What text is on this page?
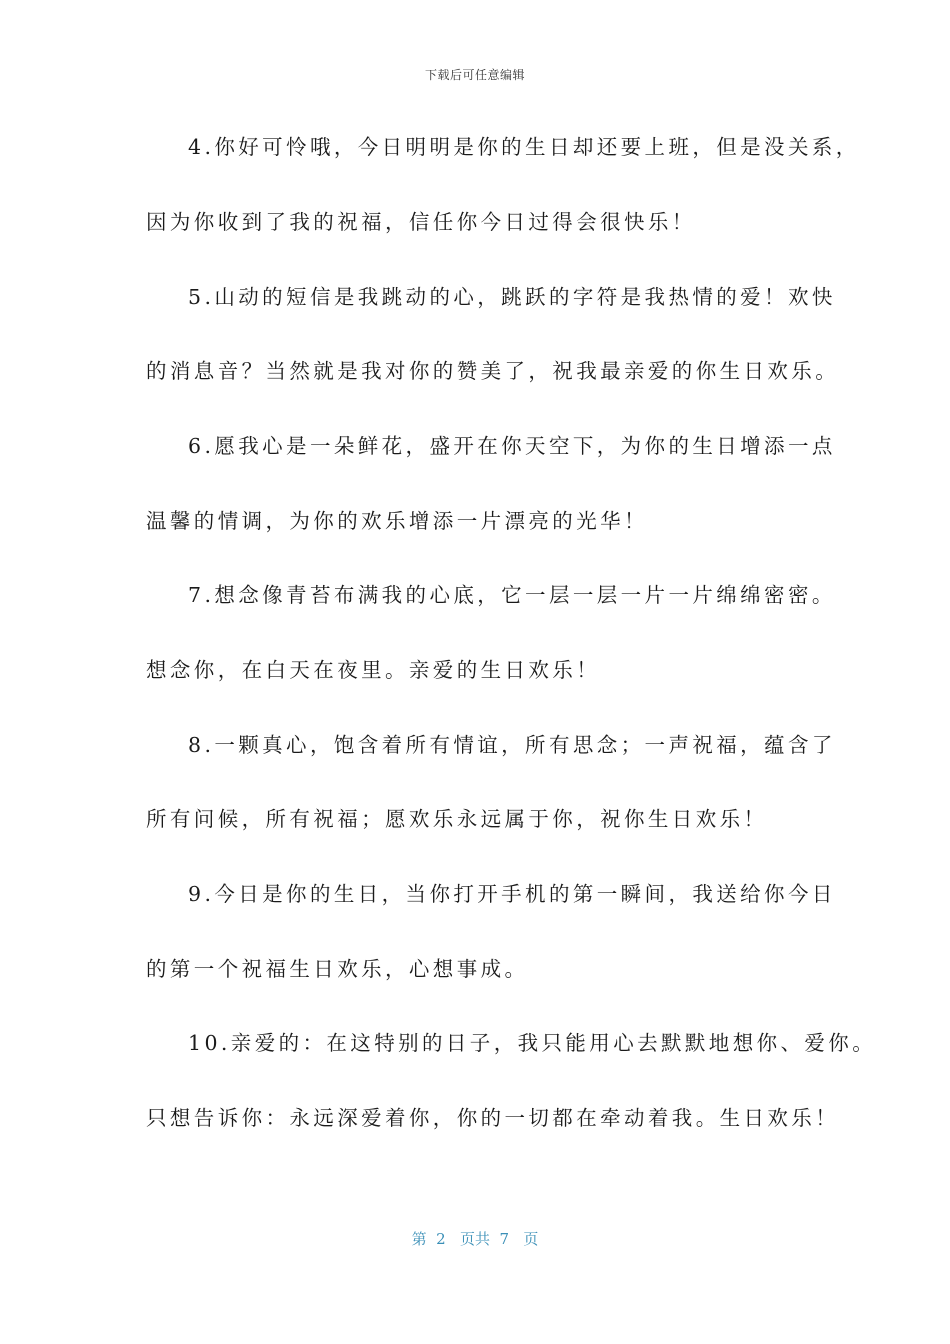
下载后可任意编辑
4.你好可怜哦，今日明明是你的生日却还要上班，但是没关系，
因为你收到了我的祝福，信任你今日过得会很快乐！
5.山动的短信是我跳动的心，跳跃的字符是我热情的爱！欢快
的消息音？当然就是我对你的赞美了，祝我最亲爱的你生日欢乐。
6.愿我心是一朵鲜花，盛开在你天空下，为你的生日增添一点
温馨的情调，为你的欢乐增添一片漂亮的光华！
7.想念像青苔布满我的心底，它一层一层一片一片绵绵密密。
想念你，在白天在夜里。亲爱的生日欢乐！
8.一颗真心，饱含着所有情谊，所有思念；一声祝福，蕴含了
所有问候，所有祝福；愿欢乐永远属于你，祝你生日欢乐！
9.今日是你的生日，当你打开手机的第一瞬间，我送给你今日
的第一个祝福生日欢乐，心想事成。
10.亲爱的：在这特别的日子，我只能用心去默默地想你、爱你。
只想告诉你：永远深爱着你，你的一切都在牵动着我。生日欢乐！
第  2   页共  7   页
